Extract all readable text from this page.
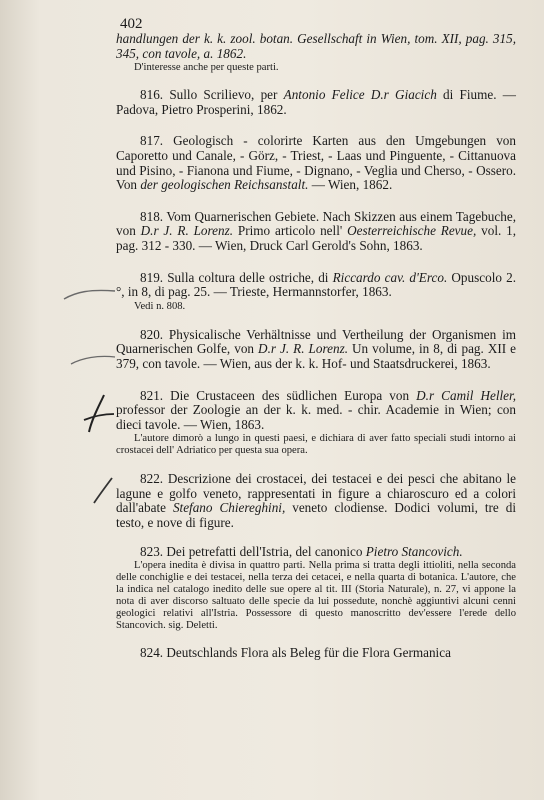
402

handlungen der k. k. zool. botan. Gesellschaft in Wien, tom. XII, pag. 315, 345, con tavole, a. 1862.

D'interesse anche per queste parti.

816. Sullo Scrilievo, per Antonio Felice D.r Giacich di Fiume. — Padova, Pietro Prosperini, 1862.

817. Geologisch - colorirte Karten aus den Umgebungen von Caporetto und Canale, - Görz, - Triest, - Laas und Pinguente, - Cittanuova und Pisino, - Fianona und Fiume, - Dignano, - Veglia und Cherso, - Ossero. Von der geologischen Reichsanstalt. — Wien, 1862.

818. Vom Quarnerischen Gebiete. Nach Skizzen aus einem Tagebuche, von D.r J. R. Lorenz. Primo articolo nell' Oesterreichische Revue, vol. 1, pag. 312 - 330. — Wien, Druck Carl Gerold's Sohn, 1863.

819. Sulla coltura delle ostriche, di Riccardo cav. d'Erco. Opuscolo 2.°, in 8, di pag. 25. — Trieste, Hermannstorfer, 1863.

Vedi n. 808.

820. Physicalische Verhältnisse und Vertheilung der Organismen im Quarnerischen Golfe, von D.r J. R. Lorenz. Un volume, in 8, di pag. XII e 379, con tavole. — Wien, aus der k. k. Hof- und Staatsdruckerei, 1863.

821. Die Crustaceen des südlichen Europa von D.r Camil Heller, professor der Zoologie an der k. k. med. - chir. Academie in Wien; con dieci tavole. — Wien, 1863.

L'autore dimorò a lungo in questi paesi, e dichiara di aver fatto speciali studi intorno ai crostacei dell' Adriatico per questa sua opera.

822. Descrizione dei crostacei, dei testacei e dei pesci che abitano le lagune e golfo veneto, rappresentati in figure a chiaroscuro ed a colori dall'abate Stefano Chiereghini, veneto clodiense. Dodici volumi, tre di testo, e nove di figure.

823. Dei petrefatti dell'Istria, del canonico Pietro Stancovich.

L'opera inedita è divisa in quattro parti. Nella prima si tratta degli ittioliti, nella seconda delle conchiglie e dei testacei, nella terza dei cetacei, e nella quarta di botanica. L'autore, che la indica nel catalogo inedito delle sue opere al tit. III (Storia Naturale), n. 27, vi appone la nota di aver discorso saltuato delle specie da lui possedute, nonchè aggiuntivi alcuni cenni geologici relativi all'Istria. Possessore di questo manoscritto dev'essere l'erede dello Stancovich. sig. Deletti.

824. Deutschlands Flora als Beleg für die Flora Germanica
